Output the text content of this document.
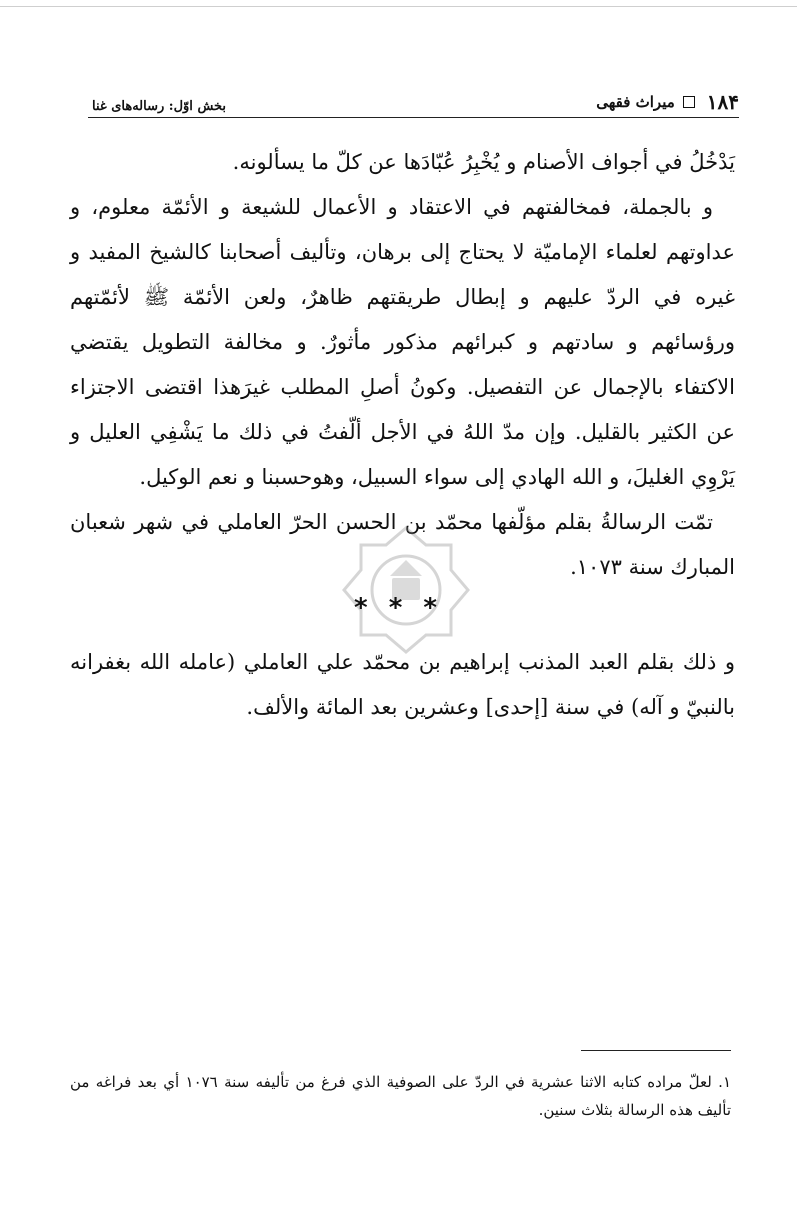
۱۸۴
میراث فقهی
بخش اوّل: رساله‌های غنا

يَدْخُلُ في أجواف الأصنام و يُخْبِرُ عُبّادَها عن كلّ ما يسألونه.

و بالجملة، فمخالفتهم في الاعتقاد و الأعمال للشيعة و الأئمّة معلوم، و عداوتهم لعلماء الإماميّة لا يحتاج إلى برهان، وتأليف أصحابنا كالشيخ المفيد و غيره في الردّ عليهم و إبطال طريقتهم ظاهرٌ، ولعن الأئمّة ﷺ لأئمّتهم ورؤسائهم و سادتهم و كبرائهم مذكور مأثورٌ. و مخالفة التطويل يقتضي الاكتفاء بالإجمال عن التفصيل. وكونُ أصلِ المطلب غيرَهذا اقتضى الاجتزاء عن الكثير بالقليل. وإن مدّ اللهُ في الأجل ألّفتُ في ذلك ما يَشْفِي العليل و يَرْوِي الغليلَ، و الله الهادي إلى سواء السبيل، وهوحسبنا و نعم الوكيل.

تمّت الرسالةُ بقلم مؤلّفها محمّد بن الحسن الحرّ العاملي في شهر شعبان المبارك سنة ١٠٧٣.

* * *

و ذلك بقلم العبد المذنب إبراهيم بن محمّد علي العاملي (عامله الله بغفرانه بالنبيّ و آله) في سنة [إحدى] وعشرين بعد المائة والألف.

١. لعلّ مراده كتابه الاثنا عشرية في الردّ على الصوفية الذي فرغ من تأليفه سنة ١٠٧٦ أي بعد فراغه من تأليف هذه الرسالة بثلاث سنين.
